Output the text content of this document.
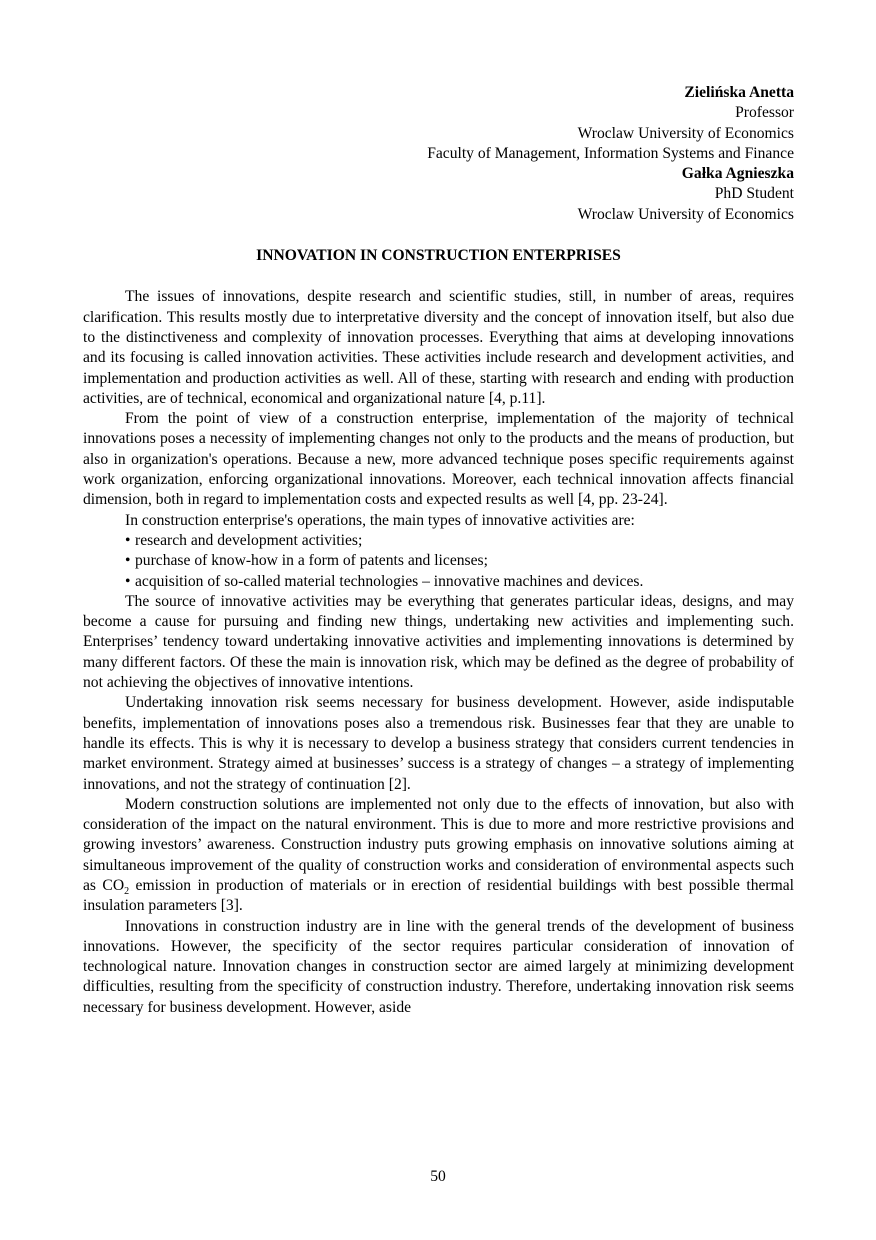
Zielińska Anetta
Professor
Wroclaw University of Economics
Faculty of Management, Information Systems and Finance
Gałka Agnieszka
PhD Student
Wroclaw University of Economics
INNOVATION IN CONSTRUCTION ENTERPRISES

The issues of innovations, despite research and scientific studies, still, in number of areas, requires clarification. This results mostly due to interpretative diversity and the concept of innovation itself, but also due to the distinctiveness and complexity of innovation processes. Everything that aims at developing innovations and its focusing is called innovation activities. These activities include research and development activities, and implementation and production activities as well. All of these, starting with research and ending with production activities, are of technical, economical and organizational nature [4, p.11].

From the point of view of a construction enterprise, implementation of the majority of technical innovations poses a necessity of implementing changes not only to the products and the means of production, but also in organization's operations. Because a new, more advanced technique poses specific requirements against work organization, enforcing organizational innovations. Moreover, each technical innovation affects financial dimension, both in regard to implementation costs and expected results as well [4, pp. 23-24].

In construction enterprise's operations, the main types of innovative activities are:

• research and development activities;
• purchase of know-how in a form of patents and licenses;
• acquisition of so-called material technologies – innovative machines and devices.

The source of innovative activities may be everything that generates particular ideas, designs, and may become a cause for pursuing and finding new things, undertaking new activities and implementing such. Enterprises’ tendency toward undertaking innovative activities and implementing innovations is determined by many different factors. Of these the main is innovation risk, which may be defined as the degree of probability of not achieving the objectives of innovative intentions.

Undertaking innovation risk seems necessary for business development. However, aside indisputable benefits, implementation of innovations poses also a tremendous risk. Businesses fear that they are unable to handle its effects. This is why it is necessary to develop a business strategy that considers current tendencies in market environment. Strategy aimed at businesses’ success is a strategy of changes – a strategy of implementing innovations, and not the strategy of continuation [2].

Modern construction solutions are implemented not only due to the effects of innovation, but also with consideration of the impact on the natural environment. This is due to more and more restrictive provisions and growing investors’ awareness. Construction industry puts growing emphasis on innovative solutions aiming at simultaneous improvement of the quality of construction works and consideration of environmental aspects such as $CO_2$ emission in production of materials or in erection of residential buildings with best possible thermal insulation parameters [3].

Innovations in construction industry are in line with the general trends of the development of business innovations. However, the specificity of the sector requires particular consideration of innovation of technological nature. Innovation changes in construction sector are aimed largely at minimizing development difficulties, resulting from the specificity of construction industry. Therefore, undertaking innovation risk seems necessary for business development. However, aside

50
